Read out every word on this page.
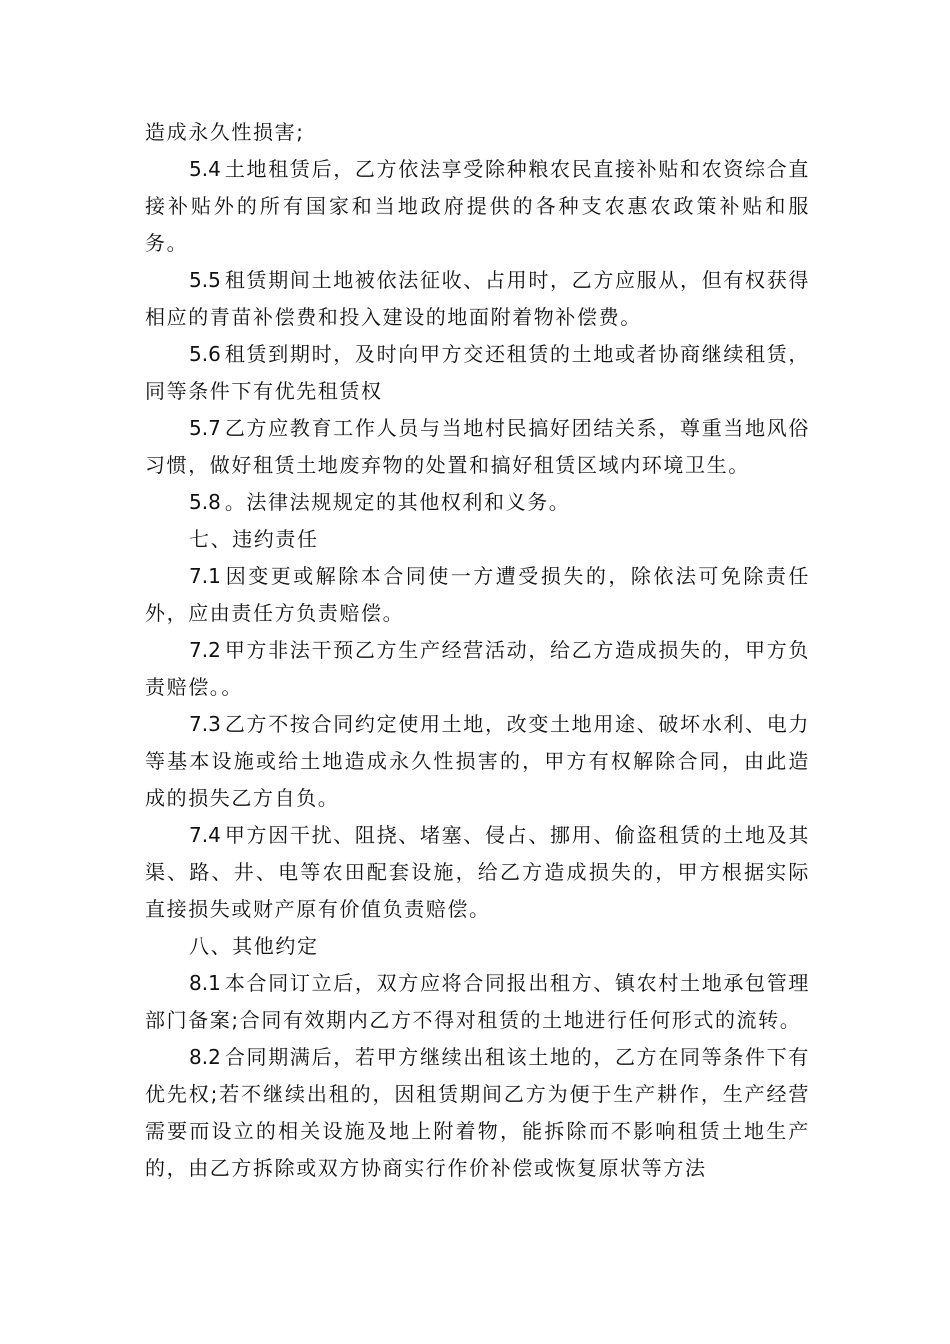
造成永久性损害;

5.4 土地租赁后，乙方依法享受除种粮农民直接补贴和农资综合直接补贴外的所有国家和当地政府提供的各种支农惠农政策补贴和服务。

5.5 租赁期间土地被依法征收、占用时，乙方应服从，但有权获得相应的青苗补偿费和投入建设的地面附着物补偿费。

5.6 租赁到期时，及时向甲方交还租赁的土地或者协商继续租赁，同等条件下有优先租赁权

5.7 乙方应教育工作人员与当地村民搞好团结关系，尊重当地风俗习惯，做好租赁土地废弃物的处置和搞好租赁区域内环境卫生。

5.8 。法律法规规定的其他权利和义务。

七、违约责任

7.1 因变更或解除本合同使一方遭受损失的，除依法可免除责任外，应由责任方负责赔偿。

7.2 甲方非法干预乙方生产经营活动，给乙方造成损失的，甲方负责赔偿。。

7.3 乙方不按合同约定使用土地，改变土地用途、破坏水利、电力等基本设施或给土地造成永久性损害的，甲方有权解除合同，由此造成的损失乙方自负。

7.4 甲方因干扰、阻挠、堵塞、侵占、挪用、偷盗租赁的土地及其渠、路、井、电等农田配套设施，给乙方造成损失的，甲方根据实际直接损失或财产原有价值负责赔偿。

八、其他约定

8.1 本合同订立后，双方应将合同报出租方、镇农村土地承包管理部门备案;合同有效期内乙方不得对租赁的土地进行任何形式的流转。

8.2 合同期满后，若甲方继续出租该土地的，乙方在同等条件下有优先权;若不继续出租的，因租赁期间乙方为便于生产耕作，生产经营需要而设立的相关设施及地上附着物，能拆除而不影响租赁土地生产的，由乙方拆除或双方协商实行作价补偿或恢复原状等方法
